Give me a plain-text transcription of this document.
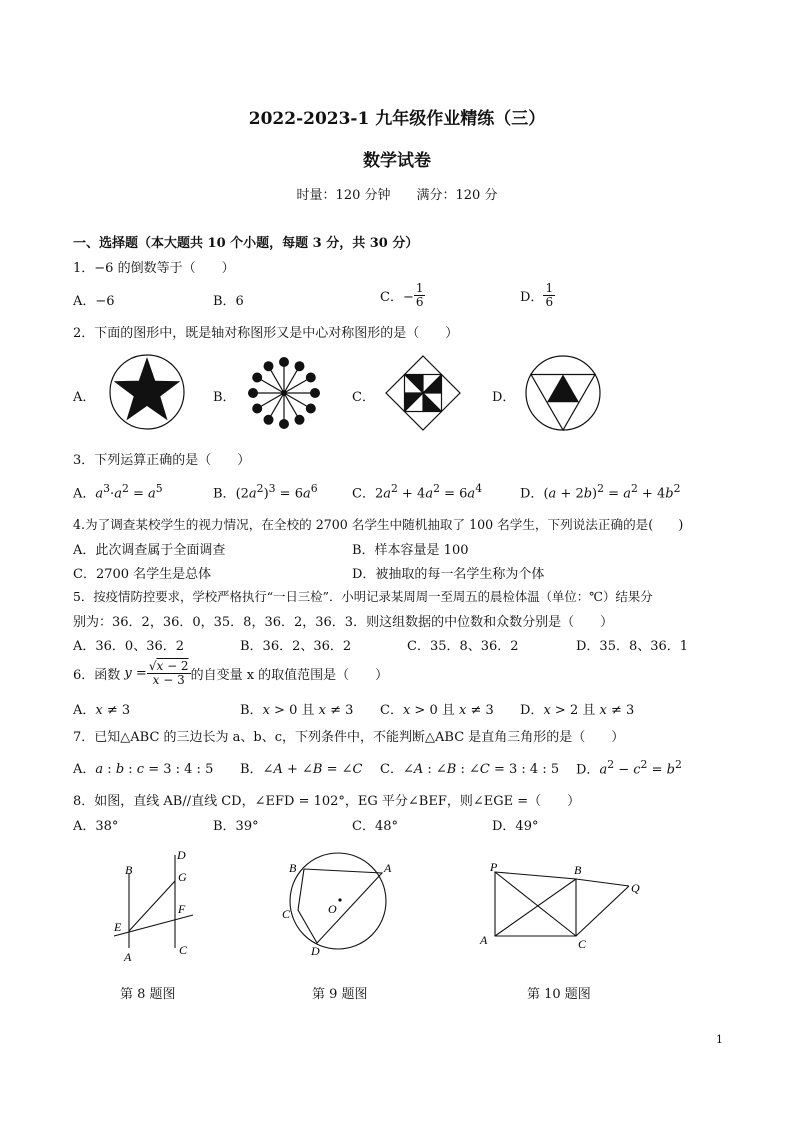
2022-2023-1 九年级作业精练（三）
数学试卷
时量：120 分钟　　满分：120 分
一、选择题（本大题共 10 个小题，每题 3 分，共 30 分）
1．−6 的倒数等于（　　）
A．−6	B．6	C．− $\frac{1}{6}$	D． $\frac{1}{6}$
2．下面的图形中，既是轴对称图形又是中心对称图形的是（　　）
A．	B．	C．	D．
3．下列运算正确的是（　　）
A．$a^3\cdot a^2 = a^5$	B．$(2a^2)^3 = 6a^6$	C．$2a^2 + 4a^2 = 6a^4$	D．$(a + 2b)^2 = a^2 + 4b^2$
4.为了调查某校学生的视力情况，在全校的 2700 名学生中随机抽取了 100 名学生，下列说法正确的是(　　)
A．此次调查属于全面调查	B．样本容量是 100
C．2700 名学生是总体	D．被抽取的每一名学生称为个体
5．按疫情防控要求，学校严格执行“一日三检”．小明记录某周周一至周五的晨检体温（单位：℃）结果分
别为：36．2，36．0，35．8，36．2，36．3．则这组数据的中位数和众数分别是（　　）
A．36．0、36．2	B．36．2、36．2	C．35．8、36．2	D．35．8、36．1
6．函数 $y = \frac{√x - 2}{x - 3}$ 的自变量 x 的取值范围是（　　）
A．x ≠ 3	B．x > 0 且 x ≠ 3 C．x > 0 且 x ≠ 3 D．x > 2 且 x ≠ 3
7．已知△ABC 的三边长为 a、b、c，下列条件中，不能判断△ABC 是直角三角形的是（　　）
A．a : b : c = 3 : 4 : 5 B．∠A + ∠B = ∠C C．∠A : ∠B : ∠C = 3 : 4 : 5 D．$a^2 - c^2 = b^2$
8．如图，直线 AB//直线 CD，∠EFD = 102°，EG 平分∠BEF，则∠EGE =（　　）
A．38°	B．39°	C．48°	D．49°
B
D
G
F
E
A	C
第 8 题图
B	A
C	O
D
第 9 题图
P	B
Q
A	C
第 10 题图
1
